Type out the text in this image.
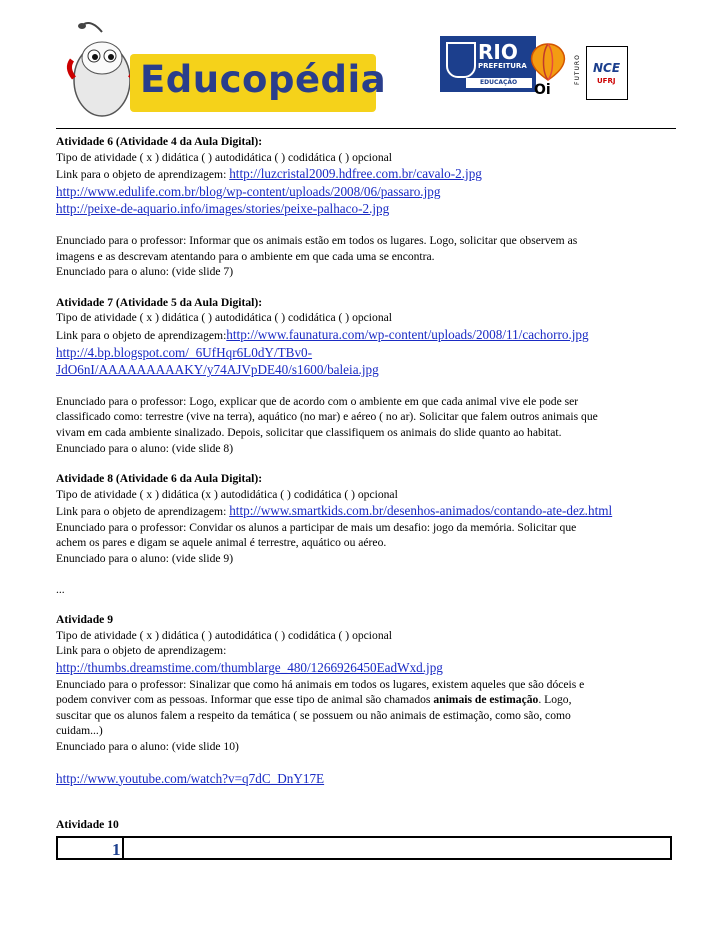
Educopédia
RIO
PREFEITURA
EDUCAÇÃO Oi
FUTURO NCE
UFRJ

Atividade 6 (Atividade 4 da Aula Digital):

Tipo de atividade ( x ) didática ( ) autodidática ( ) codidática ( ) opcional

Link para o objeto de aprendizagem: http://luzcristal2009.hdfree.com.br/cavalo-2.jpg

http://www.edulife.com.br/blog/wp-content/uploads/2008/06/passaro.jpg

http://peixe-de-aquario.info/images/stories/peixe-palhaco-2.jpg

Enunciado para o professor: Informar que os animais estão em todos os lugares. Logo, solicitar que observem as

imagens e as descrevam atentando para o ambiente em que cada uma se encontra.

Enunciado para o aluno: (vide slide 7)

Atividade 7 (Atividade 5 da Aula Digital):

Tipo de atividade ( x ) didática ( ) autodidática ( ) codidática ( ) opcional

Link para o objeto de aprendizagem:http://www.faunatura.com/wp-content/uploads/2008/11/cachorro.jpg

http://4.bp.blogspot.com/_6UfHqr6L0dY/TBv0-

JdO6nI/AAAAAAAAAKY/y74AJVpDE40/s1600/baleia.jpg

Enunciado para o professor: Logo, explicar que de acordo com o ambiente em que cada animal vive ele pode ser

classificado como: terrestre (vive na terra), aquático (no mar) e aéreo ( no ar). Solicitar que falem outros animais que

vivam em cada ambiente sinalizado. Depois, solicitar que classifiquem os animais do slide quanto ao habitat.

Enunciado para o aluno: (vide slide 8)

Atividade 8 (Atividade 6 da Aula Digital):

Tipo de atividade ( x ) didática (x ) autodidática ( ) codidática ( ) opcional

Link para o objeto de aprendizagem: http://www.smartkids.com.br/desenhos-animados/contando-ate-dez.html

Enunciado para o professor: Convidar os alunos a participar de mais um desafio: jogo da memória. Solicitar que

achem os pares e digam se aquele animal é terrestre, aquático ou aéreo.

Enunciado para o aluno: (vide slide 9)

...

Atividade 9

Tipo de atividade ( x ) didática ( ) autodidática ( ) codidática ( ) opcional

Link para o objeto de aprendizagem:

http://thumbs.dreamstime.com/thumblarge_480/1266926450EadWxd.jpg

Enunciado para o professor: Sinalizar que como há animais em todos os lugares, existem aqueles que são dóceis e

podem conviver com as pessoas. Informar que esse tipo de animal são chamados animais de estimação. Logo,

suscitar que os alunos falem a respeito da temática ( se possuem ou não animais de estimação, como são, como

cuidam...)

Enunciado para o aluno: (vide slide 10)

http://www.youtube.com/watch?v=q7dC_DnY17E

Atividade 10

1
